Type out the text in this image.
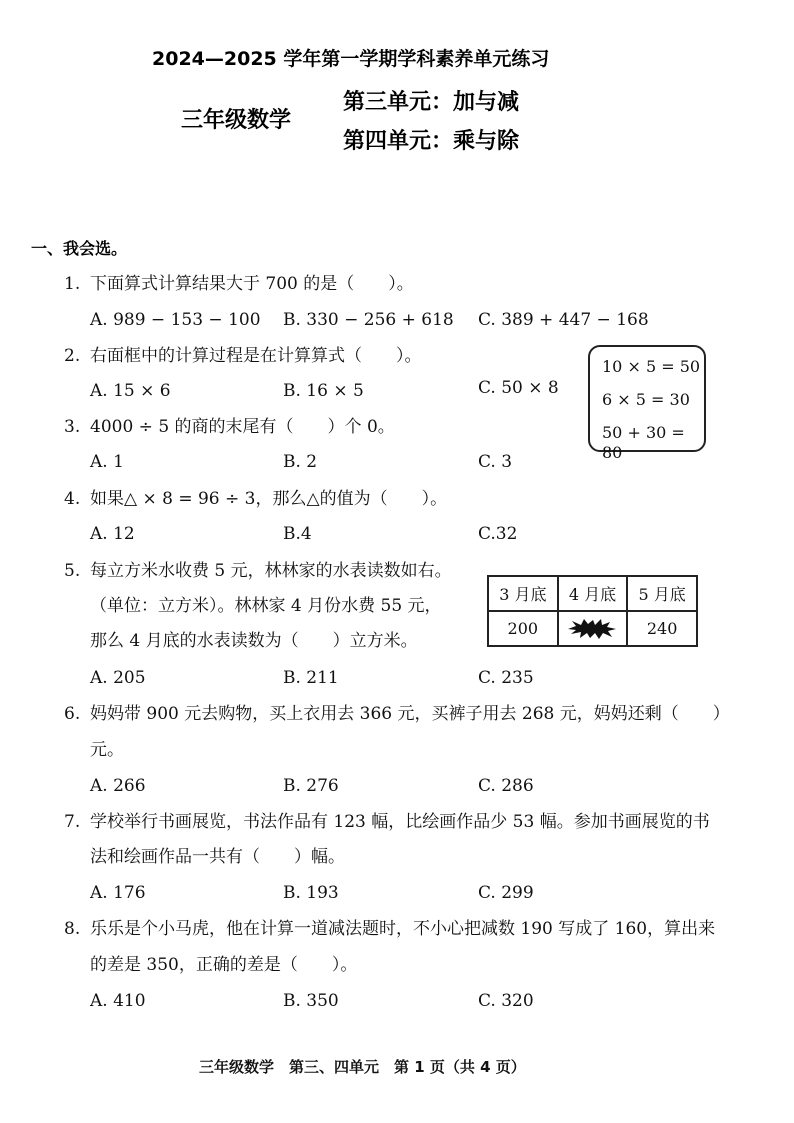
2024—2025 学年第一学期学科素养单元练习
三年级数学
第三单元：加与减
第四单元：乘与除
一、我会选。
1. 下面算式计算结果大于 700 的是（　　）。
A. 989 − 153 − 100 B. 330 − 256 + 618 C. 389 + 447 − 168
2. 右面框中的计算过程是在计算算式（　　）。
A. 15 × 6	B. 16 × 5	C. 50 × 8
10 × 5 = 50
6 × 5 = 30
50 + 30 = 80
3. 4000 ÷ 5 的商的末尾有（　　）个 0。
A. 1	B. 2	C. 3
4. 如果△ × 8 = 96 ÷ 3，那么△的值为（　　）。
A. 12	B.4	C.32
5. 每立方米水收费 5 元，林林家的水表读数如右。
（单位：立方米）。林林家 4 月份水费 55 元，
那么 4 月底的水表读数为（　　）立方米。
A. 205	B. 211	C. 235
3 月底	4 月底	5 月底
200		240
6. 妈妈带 900 元去购物，买上衣用去 366 元，买裤子用去 268 元，妈妈还剩（　　）
元。
A. 266	B. 276	C. 286
7. 学校举行书画展览，书法作品有 123 幅，比绘画作品少 53 幅。参加书画展览的书
法和绘画作品一共有（　　）幅。
A. 176	B. 193	C. 299
8. 乐乐是个小马虎，他在计算一道减法题时，不小心把减数 190 写成了 160，算出来
的差是 350，正确的差是（　　）。
A. 410	B. 350	C. 320
三年级数学　第三、四单元　第 1 页（共 4 页）
